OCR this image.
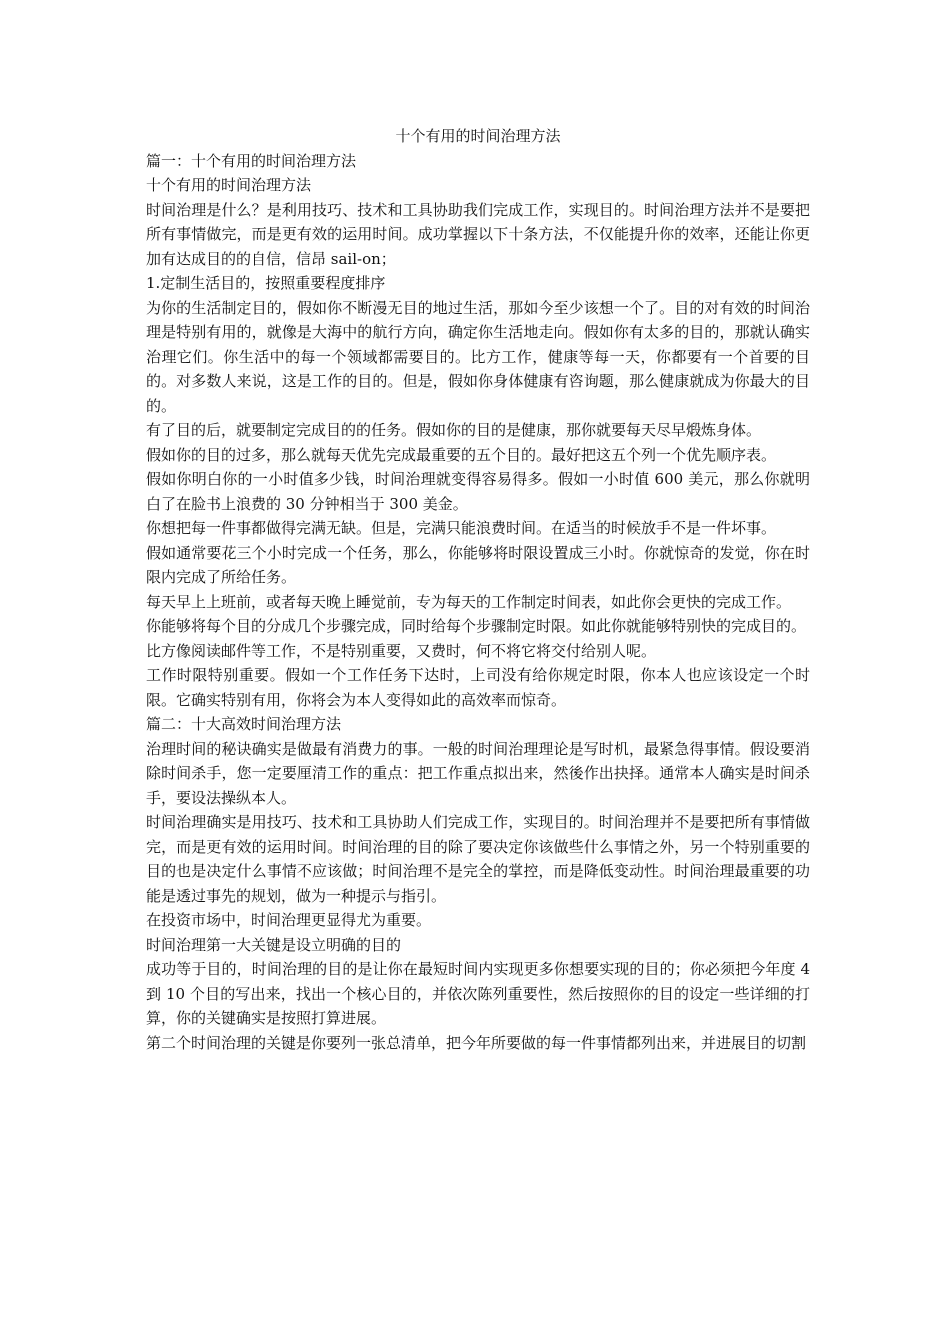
十个有用的时间治理方法

篇一：十个有用的时间治理方法

十个有用的时间治理方法

时间治理是什么？是利用技巧、技术和工具协助我们完成工作，实现目的。时间治理方法并不是要把所有事情做完，而是更有效的运用时间。成功掌握以下十条方法，不仅能提升你的效率，还能让你更加有达成目的的自信，信昂 sail-on；

1.定制生活目的，按照重要程度排序

为你的生活制定目的，假如你不断漫无目的地过生活，那如今至少该想一个了。目的对有效的时间治理是特别有用的，就像是大海中的航行方向，确定你生活地走向。假如你有太多的目的，那就认确实治理它们。你生活中的每一个领域都需要目的。比方工作，健康等每一天，你都要有一个首要的目的。对多数人来说，这是工作的目的。但是，假如你身体健康有咨询题，那么健康就成为你最大的目的。

有了目的后，就要制定完成目的的任务。假如你的目的是健康，那你就要每天尽早煅炼身体。

假如你的目的过多，那么就每天优先完成最重要的五个目的。最好把这五个列一个优先顺序表。

假如你明白你的一小时值多少钱，时间治理就变得容易得多。假如一小时值 600 美元，那么你就明白了在脸书上浪费的 30 分钟相当于 300 美金。

你想把每一件事都做得完满无缺。但是，完满只能浪费时间。在适当的时候放手不是一件坏事。

假如通常要花三个小时完成一个任务，那么，你能够将时限设置成三小时。你就惊奇的发觉，你在时限内完成了所给任务。

每天早上上班前，或者每天晚上睡觉前，专为每天的工作制定时间表，如此你会更快的完成工作。

你能够将每个目的分成几个步骤完成，同时给每个步骤制定时限。如此你就能够特别快的完成目的。

比方像阅读邮件等工作，不是特别重要，又费时，何不将它将交付给别人呢。

工作时限特别重要。假如一个工作任务下达时，上司没有给你规定时限，你本人也应该设定一个时限。它确实特别有用，你将会为本人变得如此的高效率而惊奇。

篇二：十大高效时间治理方法

治理时间的秘诀确实是做最有消费力的事。一般的时间治理理论是写时机，最紧急得事情。假设要消除时间杀手，您一定要厘清工作的重点：把工作重点拟出来，然後作出抉择。通常本人确实是时间杀手，要设法操纵本人。

时间治理确实是用技巧、技术和工具协助人们完成工作，实现目的。时间治理并不是要把所有事情做完，而是更有效的运用时间。时间治理的目的除了要决定你该做些什么事情之外，另一个特别重要的目的也是决定什么事情不应该做；时间治理不是完全的掌控，而是降低变动性。时间治理最重要的功能是透过事先的规划，做为一种提示与指引。

在投资市场中，时间治理更显得尤为重要。

时间治理第一大关键是设立明确的目的

成功等于目的，时间治理的目的是让你在最短时间内实现更多你想要实现的目的；你必须把今年度 4 到 10 个目的写出来，找出一个核心目的，并依次陈列重要性，然后按照你的目的设定一些详细的打算，你的关键确实是按照打算进展。

第二个时间治理的关键是你要列一张总清单，把今年所要做的每一件事情都列出来，并进展目的切割
